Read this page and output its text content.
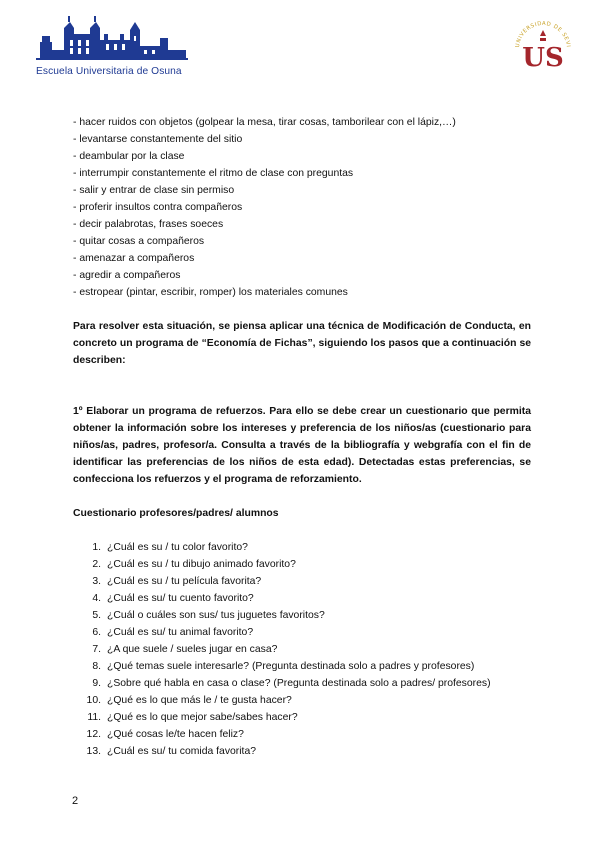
Escuela Universitaria de Osuna
UNIVERSIDAD DE SEVI
US
- hacer ruidos con objetos (golpear la mesa, tirar cosas, tamborilear con el lápiz,…)
- levantarse constantemente del sitio
- deambular por la clase
- interrumpir constantemente el ritmo de clase con preguntas
- salir y entrar de clase sin permiso
- proferir insultos contra compañeros
- decir palabrotas, frases soeces
- quitar cosas a compañeros
- amenazar a compañeros
- agredir a compañeros
- estropear (pintar, escribir, romper) los materiales comunes
Para resolver esta situación, se piensa aplicar una técnica de Modificación de Conducta, en concreto un programa de “Economía de Fichas”, siguiendo los pasos que a continuación se describen:
1º Elaborar un programa de refuerzos. Para ello se debe crear un cuestionario que permita obtener la información sobre los intereses y preferencia de los niños/as (cuestionario para niños/as, padres, profesor/a. Consulta a través de la bibliografía y webgrafía con el fin de identificar las preferencias de los niños de esta edad). Detectadas estas preferencias, se confecciona los refuerzos y el programa de reforzamiento.
Cuestionario profesores/padres/ alumnos
1. ¿Cuál es su / tu color favorito?
2. ¿Cuál es su / tu dibujo animado favorito?
3. ¿Cuál es su / tu película favorita?
4. ¿Cuál es su/ tu cuento favorito?
5. ¿Cuál o cuáles son sus/ tus juguetes favoritos?
6. ¿Cuál es su/ tu animal favorito?
7. ¿A que suele / sueles jugar en casa?
8. ¿Qué temas suele interesarle? (Pregunta destinada solo a padres y profesores)
9. ¿Sobre qué habla en casa o clase? (Pregunta destinada solo a padres/ profesores)
10. ¿Qué es lo que más le / te gusta hacer?
11. ¿Qué es lo que mejor sabe/sabes hacer?
12. ¿Qué cosas le/te hacen feliz?
13. ¿Cuál es su/ tu comida favorita?
2
